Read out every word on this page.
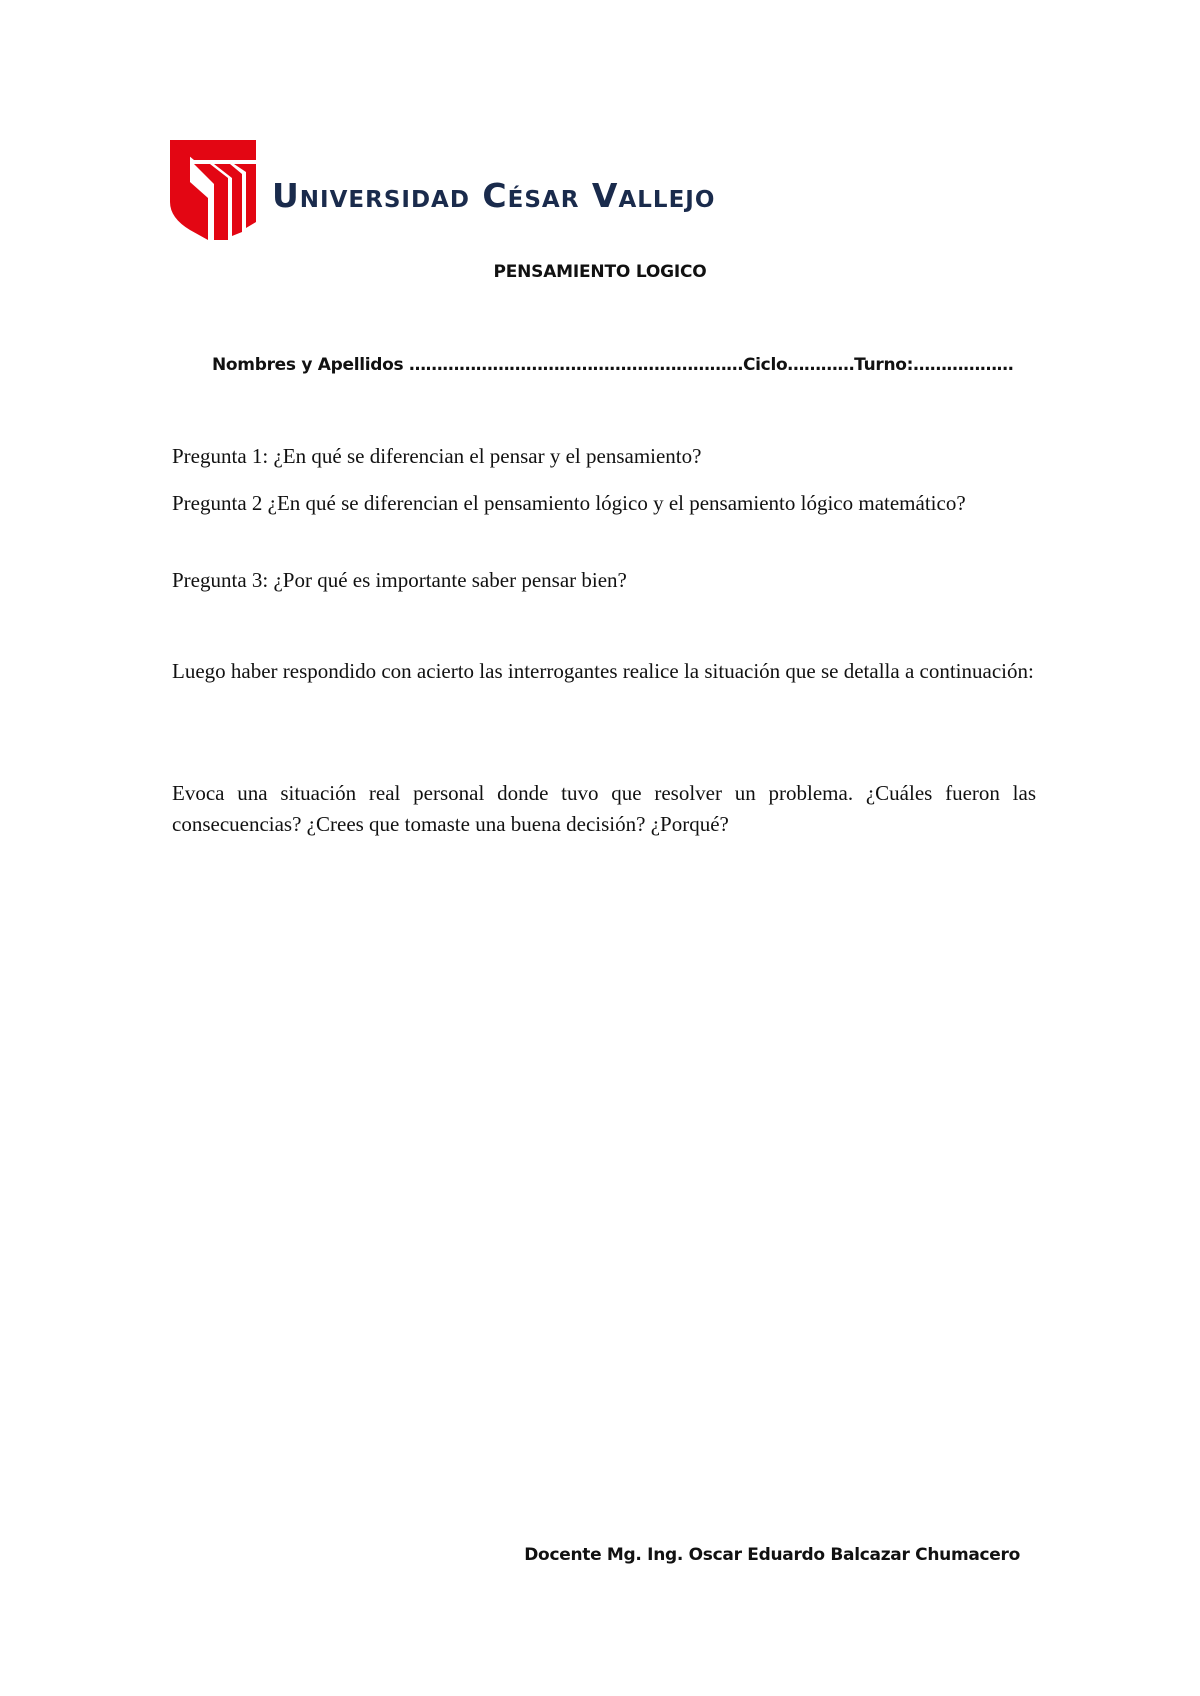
Universidad César Vallejo
PENSAMIENTO LOGICO
Nombres y Apellidos ……………………………………………………Ciclo…………Turno:………………
Pregunta 1: ¿En qué se diferencian el pensar y el pensamiento?
Pregunta 2 ¿En qué se diferencian el pensamiento lógico y el pensamiento lógico matemático?
Pregunta 3: ¿Por qué es importante saber pensar bien?
Luego haber respondido con acierto las interrogantes realice la situación que se detalla a continuación:
Evoca una situación real personal donde tuvo que resolver un problema. ¿Cuáles fueron las consecuencias? ¿Crees que tomaste una buena decisión? ¿Porqué?
Docente Mg. Ing. Oscar Eduardo Balcazar Chumacero
